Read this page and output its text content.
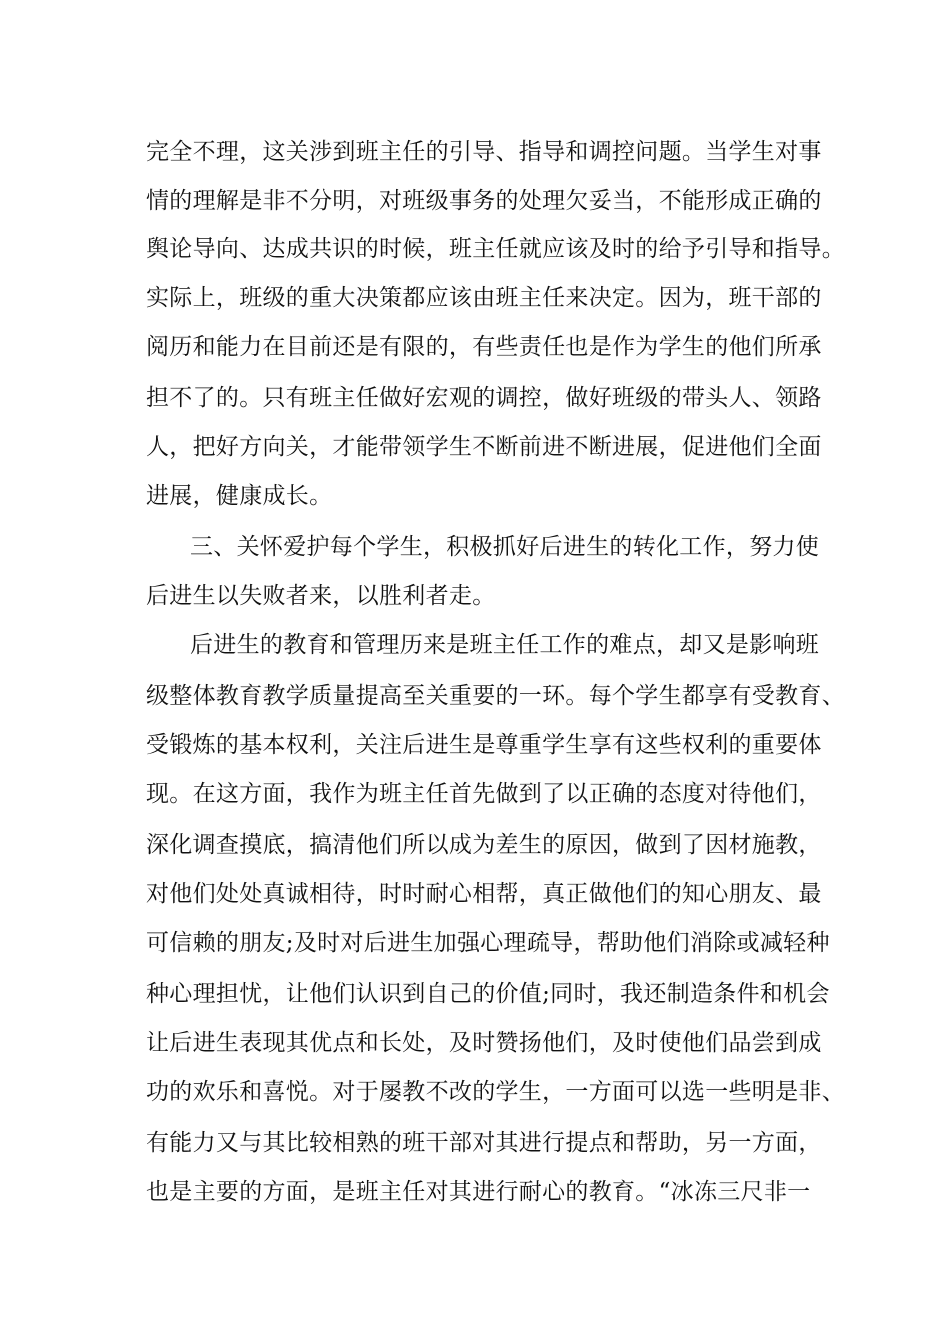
完全不理，这关涉到班主任的引导、指导和调控问题。当学生对事

情的理解是非不分明，对班级事务的处理欠妥当，不能形成正确的

舆论导向、达成共识的时候，班主任就应该及时的给予引导和指导。

实际上，班级的重大决策都应该由班主任来决定。因为，班干部的

阅历和能力在目前还是有限的，有些责任也是作为学生的他们所承

担不了的。只有班主任做好宏观的调控，做好班级的带头人、领路

人，把好方向关，才能带领学生不断前进不断进展，促进他们全面

进展，健康成长。

三、关怀爱护每个学生，积极抓好后进生的转化工作，努力使

后进生以失败者来，以胜利者走。

后进生的教育和管理历来是班主任工作的难点，却又是影响班

级整体教育教学质量提高至关重要的一环。每个学生都享有受教育、

受锻炼的基本权利，关注后进生是尊重学生享有这些权利的重要体

现。在这方面，我作为班主任首先做到了以正确的态度对待他们，

深化调查摸底，搞清他们所以成为差生的原因，做到了因材施教，

对他们处处真诚相待，时时耐心相帮，真正做他们的知心朋友、最

可信赖的朋友;及时对后进生加强心理疏导，帮助他们消除或减轻种

种心理担忧，让他们认识到自己的价值;同时，我还制造条件和机会

让后进生表现其优点和长处，及时赞扬他们，及时使他们品尝到成

功的欢乐和喜悦。对于屡教不改的学生，一方面可以选一些明是非、

有能力又与其比较相熟的班干部对其进行提点和帮助，另一方面，

也是主要的方面，是班主任对其进行耐心的教育。“冰冻三尺非一
